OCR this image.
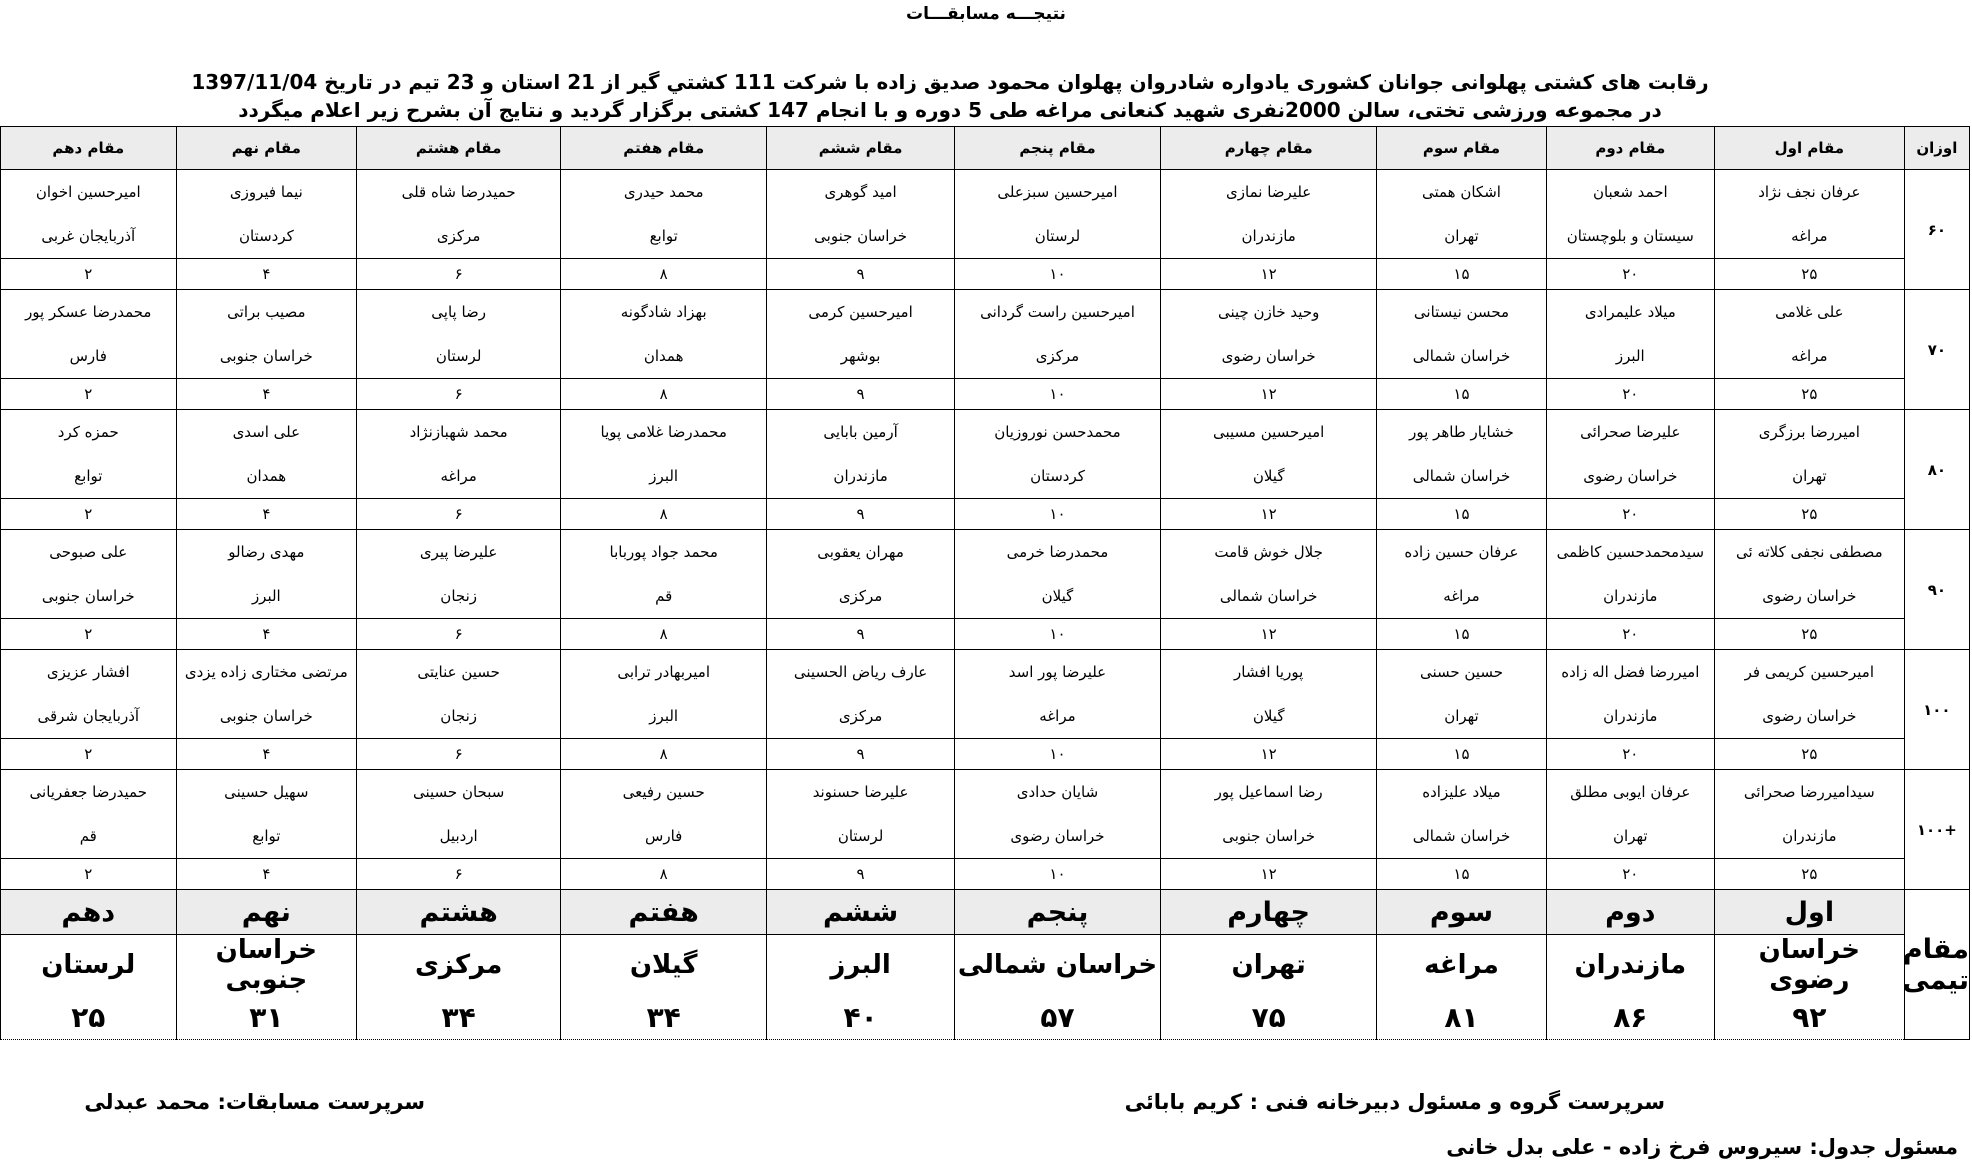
نتيجـــه مسابقـــات
رقابت های کشتی پهلوانی جوانان کشوری یادواره شادروان پهلوان محمود صدیق زاده با شرکت 111 کشتي گير از 21 استان و 23 تیم در تاریخ 1397/11/04
در مجموعه ورزشی تختی، سالن 2000نفری شهید کنعانی مراغه طی 5 دوره و با انجام 147 کشتی برگزار گردید و نتایج آن بشرح زیر اعلام میگردد
اوزان	مقام اول	مقام دوم	مقام سوم	مقام چهارم	مقام پنجم	مقام ششم	مقام هفتم	مقام هشتم	مقام نهم	مقام دهم
۶۰	عرفان نجف نژاد	احمد شعبان	اشکان همتی	علیرضا نمازی	امیرحسین سبزعلی	امید گوهری	محمد حیدری	حمیدرضا شاه قلی	نیما فیروزی	امیرحسین اخوان
	مراغه	سیستان و بلوچستان	تهران	مازندران	لرستان	خراسان جنوبی	توابع	مرکزی	کردستان	آذربایجان غربی
	۲۵	۲۰	۱۵	۱۲	۱۰	۹	۸	۶	۴	۲
۷۰	علی غلامی	میلاد علیمرادی	محسن نیستانی	وحید خازن چینی	امیرحسین راست گردانی	امیرحسین کرمی	بهزاد شادگونه	رضا پاپی	مصیب براتی	محمدرضا عسکر پور
	مراغه	البرز	خراسان شمالی	خراسان رضوی	مرکزی	بوشهر	همدان	لرستان	خراسان جنوبی	فارس
	۲۵	۲۰	۱۵	۱۲	۱۰	۹	۸	۶	۴	۲
۸۰	امیررضا برزگری	علیرضا صحرائی	خشایار طاهر پور	امیرحسین مسیبی	محمدحسن نوروزیان	آرمین بابایی	محمدرضا غلامی پویا	محمد شهبازنژاد	علی اسدی	حمزه کرد
	تهران	خراسان رضوی	خراسان شمالی	گیلان	کردستان	مازندران	البرز	مراغه	همدان	توابع
	۲۵	۲۰	۱۵	۱۲	۱۰	۹	۸	۶	۴	۲
۹۰	مصطفی نجفی کلاته ئی	سیدمحمدحسین کاظمی	عرفان حسین زاده	جلال خوش قامت	محمدرضا خرمی	مهران یعقوبی	محمد جواد پوربابا	علیرضا پیری	مهدی رضالو	علی صبوحی
	خراسان رضوی	مازندران	مراغه	خراسان شمالی	گیلان	مرکزی	قم	زنجان	البرز	خراسان جنوبی
	۲۵	۲۰	۱۵	۱۲	۱۰	۹	۸	۶	۴	۲
۱۰۰	امیرحسین کریمی فر	امیررضا فضل اله زاده	حسین حسنی	پوریا افشار	علیرضا پور اسد	عارف ریاض الحسینی	امیربهادر ترابی	حسین عنایتی	مرتضی مختاری زاده یزدی	افشار عزیزی
	خراسان رضوی	مازندران	تهران	گیلان	مراغه	مرکزی	البرز	زنجان	خراسان جنوبی	آذربایجان شرقی
	۲۵	۲۰	۱۵	۱۲	۱۰	۹	۸	۶	۴	۲
+۱۰۰	سیدامیررضا صحرائی	عرفان ایوبی مطلق	میلاد علیزاده	رضا اسماعیل پور	شایان حدادی	علیرضا حسنوند	حسین رفیعی	سبحان حسینی	سهیل حسینی	حمیدرضا جعفریانی
	مازندران	تهران	خراسان شمالی	خراسان جنوبی	خراسان رضوی	لرستان	فارس	اردبیل	توابع	قم
	۲۵	۲۰	۱۵	۱۲	۱۰	۹	۸	۶	۴	۲
مقام تیمی	اول	دوم	سوم	چهارم	پنجم	ششم	هفتم	هشتم	نهم	دهم
	خراسان رضوی	مازندران	مراغه	تهران	خراسان شمالی	البرز	گیلان	مرکزی	خراسان جنوبی	لرستان
	۹۲	۸۶	۸۱	۷۵	۵۷	۴۰	۳۴	۳۴	۳۱	۲۵
سرپرست گروه و مسئول دبیرخانه فنی : کریم بابائی
سرپرست مسابقات: محمد عبدلی
مسئول جدول: سیروس فرخ زاده - علی بدل خانی
